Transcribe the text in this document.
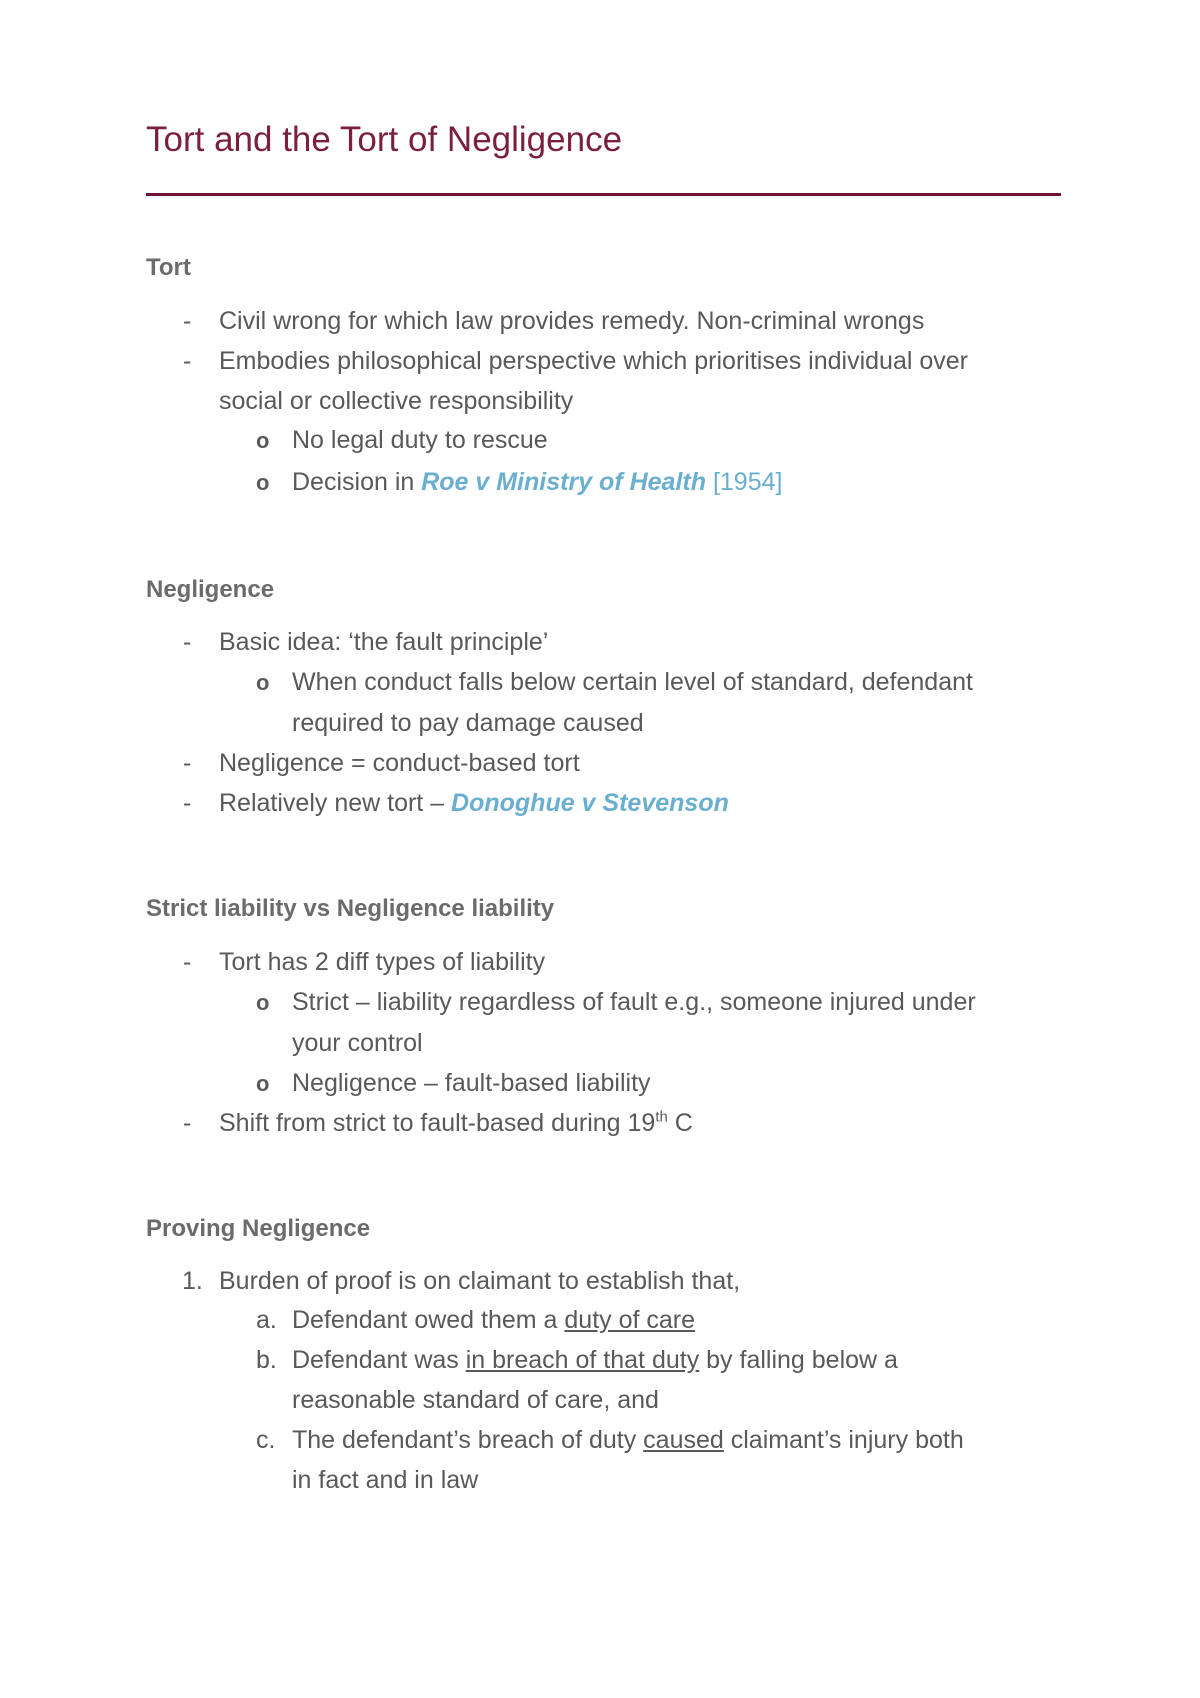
Tort and the Tort of Negligence
Tort
- Civil wrong for which law provides remedy. Non-criminal wrongs
- Embodies philosophical perspective which prioritises individual over
social or collective responsibility
o No legal duty to rescue
o Decision in Roe v Ministry of Health [1954]
Negligence
- Basic idea: ‘the fault principle’
o When conduct falls below certain level of standard, defendant
required to pay damage caused
- Negligence = conduct-based tort
- Relatively new tort – Donoghue v Stevenson
Strict liability vs Negligence liability
- Tort has 2 diff types of liability
o Strict – liability regardless of fault e.g., someone injured under
your control
o Negligence – fault-based liability
- Shift from strict to fault-based during 19th C
Proving Negligence
1. Burden of proof is on claimant to establish that,
a. Defendant owed them a duty of care
b. Defendant was in breach of that duty by falling below a
reasonable standard of care, and
c. The defendant’s breach of duty caused claimant’s injury both
in fact and in law
